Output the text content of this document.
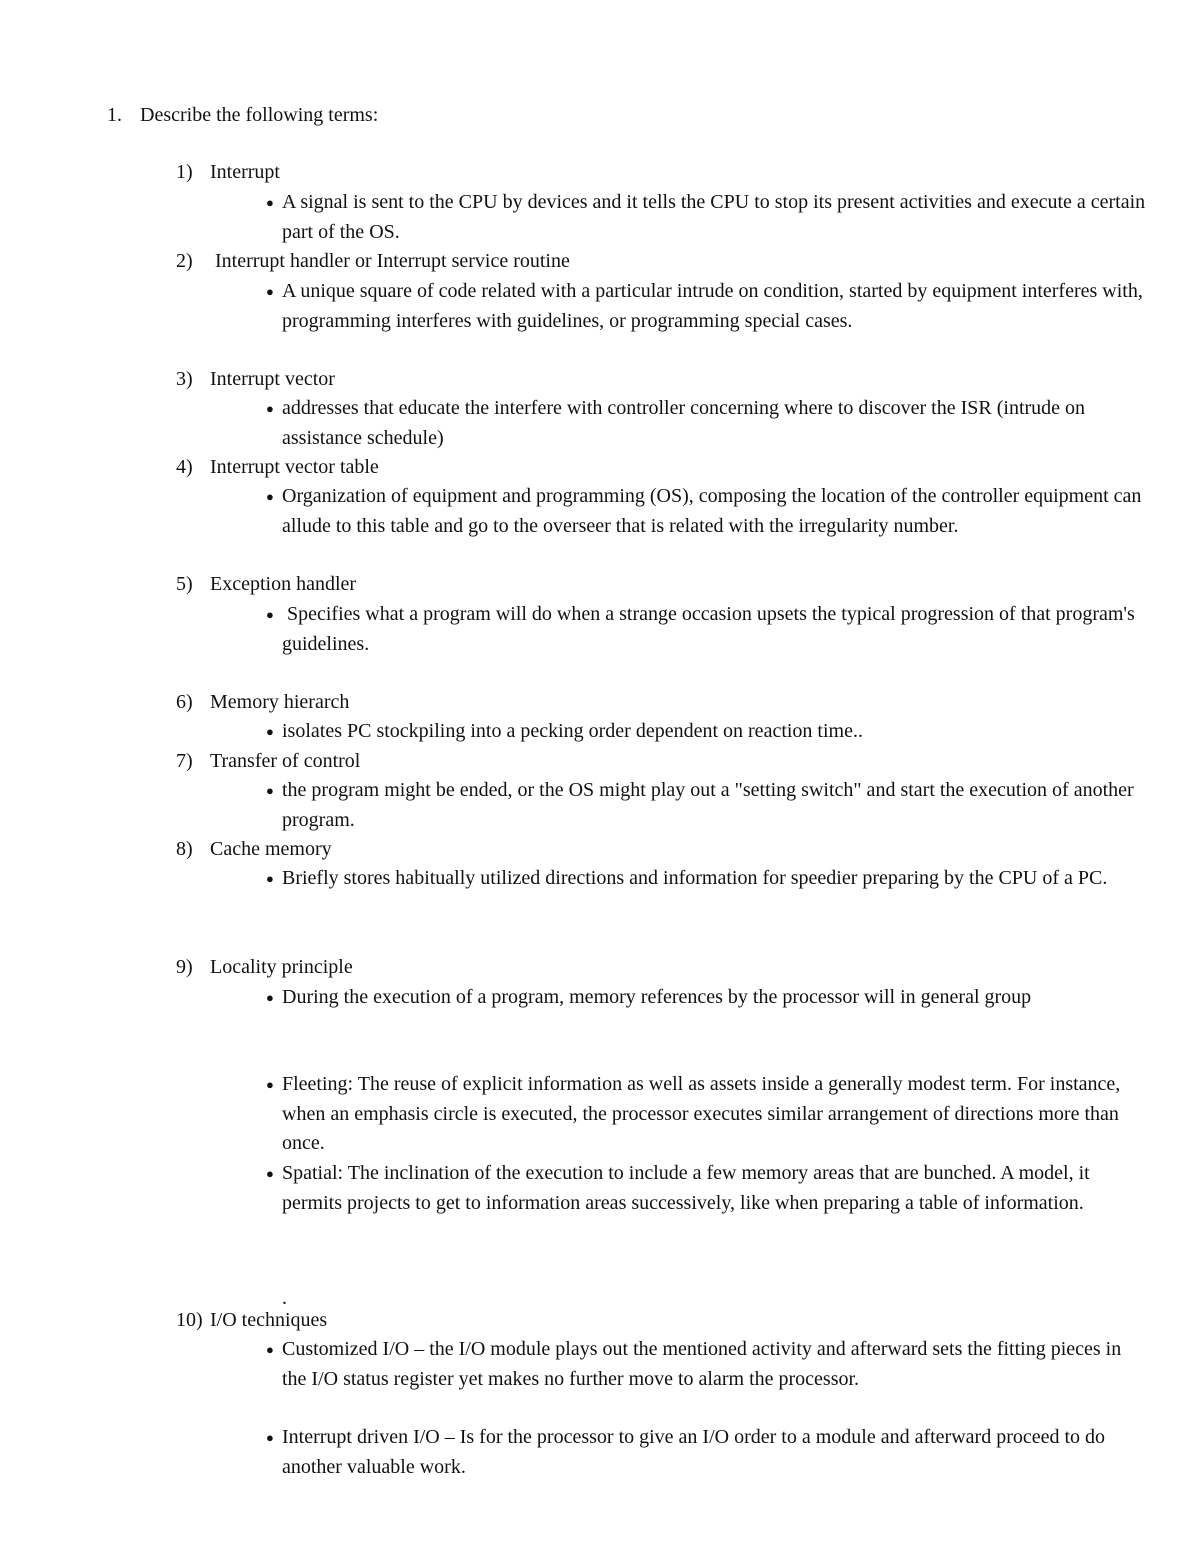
1. Describe the following terms:
1) Interrupt
● A signal is sent to the CPU by devices and it tells the CPU to stop its present activities and execute a certain part of the OS.
2) Interrupt handler or Interrupt service routine
● A unique square of code related with a particular intrude on condition, started by equipment interferes with, programming interferes with guidelines, or programming special cases.
3) Interrupt vector
● addresses that educate the interfere with controller concerning where to discover the ISR (intrude on assistance schedule)
4) Interrupt vector table
● Organization of equipment and programming (OS), composing the location of the controller equipment can allude to this table and go to the overseer that is related with the irregularity number.
5) Exception handler
● Specifies what a program will do when a strange occasion upsets the typical progression of that program's guidelines.
6) Memory hierarch
● isolates PC stockpiling into a pecking order dependent on reaction time..
7) Transfer of control
● the program might be ended, or the OS might play out a "setting switch" and start the execution of another program.
8) Cache memory
● Briefly stores habitually utilized directions and information for speedier preparing by the CPU of a PC.
9) Locality principle
● During the execution of a program, memory references by the processor will in general group
● Fleeting: The reuse of explicit information as well as assets inside a generally modest term. For instance, when an emphasis circle is executed, the processor executes similar arrangement of directions more than once.
● Spatial: The inclination of the execution to include a few memory areas that are bunched. A model, it permits projects to get to information areas successively, like when preparing a table of information.
.
10) I/O techniques
● Customized I/O – the I/O module plays out the mentioned activity and afterward sets the fitting pieces in the I/O status register yet makes no further move to alarm the processor.
● Interrupt driven I/O – Is for the processor to give an I/O order to a module and afterward proceed to do another valuable work.
